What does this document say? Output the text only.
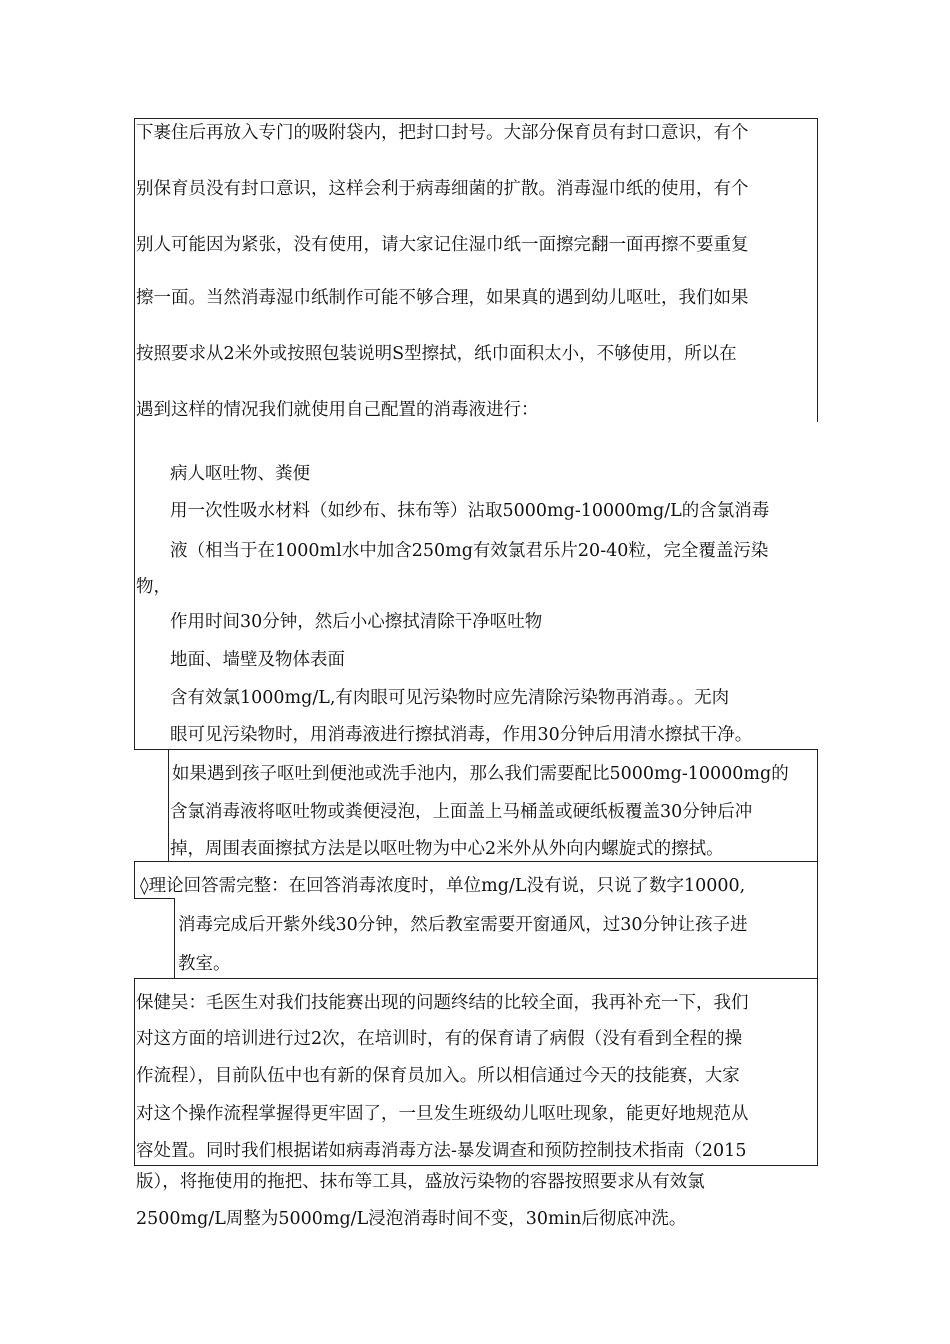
下裹住后再放入专门的吸附袋内，把封口封号。大部分保育员有封口意识，有个
别保育员没有封口意识，这样会利于病毒细菌的扩散。消毒湿巾纸的使用，有个
别人可能因为紧张，没有使用，请大家记住湿巾纸一面擦完翻一面再擦不要重复
擦一面。当然消毒湿巾纸制作可能不够合理，如果真的遇到幼儿呕吐，我们如果
按照要求从2米外或按照包装说明S型擦拭，纸巾面积太小，不够使用，所以在
遇到这样的情况我们就使用自己配置的消毒液进行：
病人呕吐物、粪便
用一次性吸水材料（如纱布、抹布等）沾取5000mg-10000mg/L的含氯消毒
液（相当于在1000ml水中加含250mg有效氯君乐片20-40粒，完全覆盖污染
物，
作用时间30分钟，然后小心擦拭清除干净呕吐物
地面、墙壁及物体表面
含有效氯1000mg/L,有肉眼可见污染物时应先清除污染物再消毒。。无肉
眼可见污染物时，用消毒液进行擦拭消毒，作用30分钟后用清水擦拭干净。
如果遇到孩子呕吐到便池或洗手池内，那么我们需要配比5000mg-10000mg的
含氯消毒液将呕吐物或粪便浸泡，上面盖上马桶盖或硬纸板覆盖30分钟后冲
掉，周围表面擦拭方法是以呕吐物为中心2米外从外向内螺旋式的擦拭。
◊理论回答需完整：在回答消毒浓度时，单位mg/L没有说，只说了数字10000,
消毒完成后开紫外线30分钟，然后教室需要开窗通风，过30分钟让孩子进
教室。
保健吴：毛医生对我们技能赛出现的问题终结的比较全面，我再补充一下，我们
对这方面的培训进行过2次，在培训时，有的保育请了病假（没有看到全程的操
作流程），目前队伍中也有新的保育员加入。所以相信通过今天的技能赛，大家
对这个操作流程掌握得更牢固了，一旦发生班级幼儿呕吐现象，能更好地规范从
容处置。同时我们根据诺如病毒消毒方法-暴发调查和预防控制技术指南（2015
版），将拖使用的拖把、抹布等工具，盛放污染物的容器按照要求从有效氯
2500mg/L周整为5000mg/L浸泡消毒时间不变，30min后彻底冲洗。
